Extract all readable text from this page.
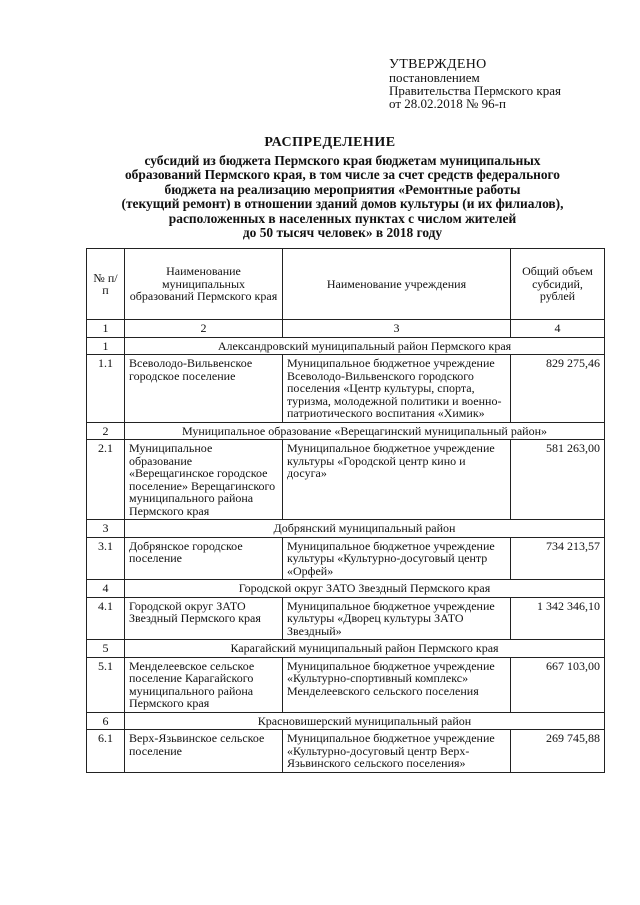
УТВЕРЖДЕНО
постановлением
Правительства Пермского края
от 28.02.2018 № 96-п
РАСПРЕДЕЛЕНИЕ
субсидий из бюджета Пермского края бюджетам муниципальных
образований Пермского края, в том числе за счет средств федерального
бюджета на реализацию мероприятия «Ремонтные работы
(текущий ремонт) в отношении зданий домов культуры (и их филиалов),
расположенных в населенных пунктах с числом жителей
до 50 тысяч человек» в 2018 году
№ п/п	Наименование муниципальных образований Пермского края	Наименование учреждения	Общий объем субсидий, рублей
1	2	3	4
1	Александровский муниципальный район Пермского края		
1.1	Всеволодо-Вильвенское городское поселение	Муниципальное бюджетное учреждение Всеволодо-Вильвенского городского поселения «Центр культуры, спорта, туризма, молодежной политики и военно-патриотического воспитания «Химик»	829 275,46
2	Муниципальное образование «Верещагинский муниципальный район»		
2.1	Муниципальное образование «Верещагинское городское поселение» Верещагинского муниципального района Пермского края	Муниципальное бюджетное учреждение культуры «Городской центр кино и досуга»	581 263,00
3	Добрянский муниципальный район		
3.1	Добрянское городское поселение	Муниципальное бюджетное учреждение культуры «Культурно-досуговый центр «Орфей»	734 213,57
4	Городской округ ЗАТО Звездный Пермского края		
4.1	Городской округ ЗАТО Звездный Пермского края	Муниципальное бюджетное учреждение культуры «Дворец культуры ЗАТО Звездный»	1 342 346,10
5	Карагайский муниципальный район Пермского края		
5.1	Менделеевское сельское поселение Карагайского муниципального района Пермского края	Муниципальное бюджетное учреждение «Культурно-спортивный комплекс» Менделеевского сельского поселения	667 103,00
6	Красновишерский муниципальный район		
6.1	Верх-Язьвинское сельское поселение	Муниципальное бюджетное учреждение «Культурно-досуговый центр Верх-Язьвинского сельского поселения»	269 745,88
